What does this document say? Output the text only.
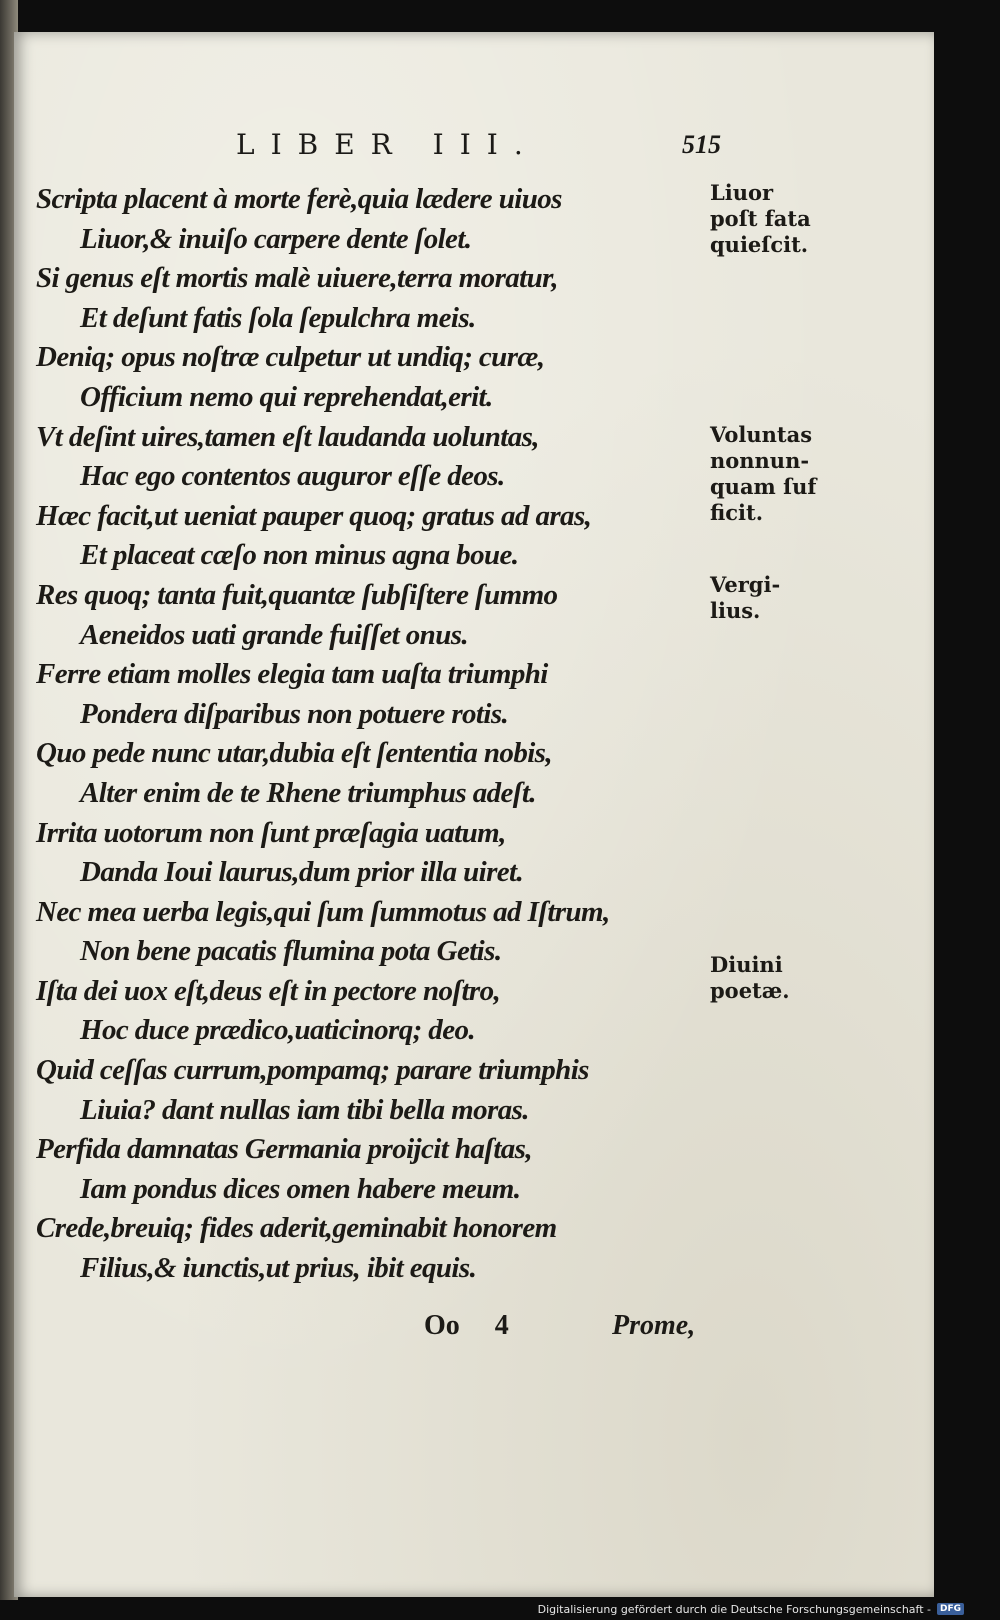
LIBER III.	515
Scripta placent à morte ferè,quia lædere uiuos
Liuor,& inuiſo carpere dente ſolet.
Si genus eſt mortis malè uiuere,terra moratur,
Et deſunt fatis ſola ſepulchra meis.
Deniq; opus noſtræ culpetur ut undiq; curæ,
Officium nemo qui reprehendat,erit.
Vt deſint uires,tamen eſt laudanda uoluntas,
Hac ego contentos auguror eſſe deos.
Hæc facit,ut ueniat pauper quoq; gratus ad aras,
Et placeat cæſo non minus agna boue.
Res quoq; tanta fuit,quantæ ſubſiſtere ſummo
Aeneidos uati grande fuiſſet onus.
Ferre etiam molles elegia tam uaſta triumphi
Pondera diſparibus non potuere rotis.
Quo pede nunc utar,dubia eſt ſententia nobis,
Alter enim de te Rhene triumphus adeſt.
Irrita uotorum non ſunt præſagia uatum,
Danda Ioui laurus,dum prior illa uiret.
Nec mea uerba legis,qui ſum ſummotus ad Iſtrum,
Non bene pacatis flumina pota Getis.
Iſta dei uox eſt,deus eſt in pectore noſtro,
Hoc duce prædico,uaticinorq; deo.
Quid ceſſas currum,pompamq; parare triumphis
Liuia? dant nullas iam tibi bella moras.
Perfida damnatas Germania proijcit haſtas,
Iam pondus dices omen habere meum.
Crede,breuiq; fides aderit,geminabit honorem
Filius,& iunctis,ut prius, ibit equis.
Liuor
poſt fata
quieſcit.
Voluntas
nonnun-
quam ſuf
ficit.
Vergi-
lius.
Diuini
poetæ.
Oo 4	Prome,
Digitalisierung gefördert durch die Deutsche Forschungsgemeinschaft -	DFG
